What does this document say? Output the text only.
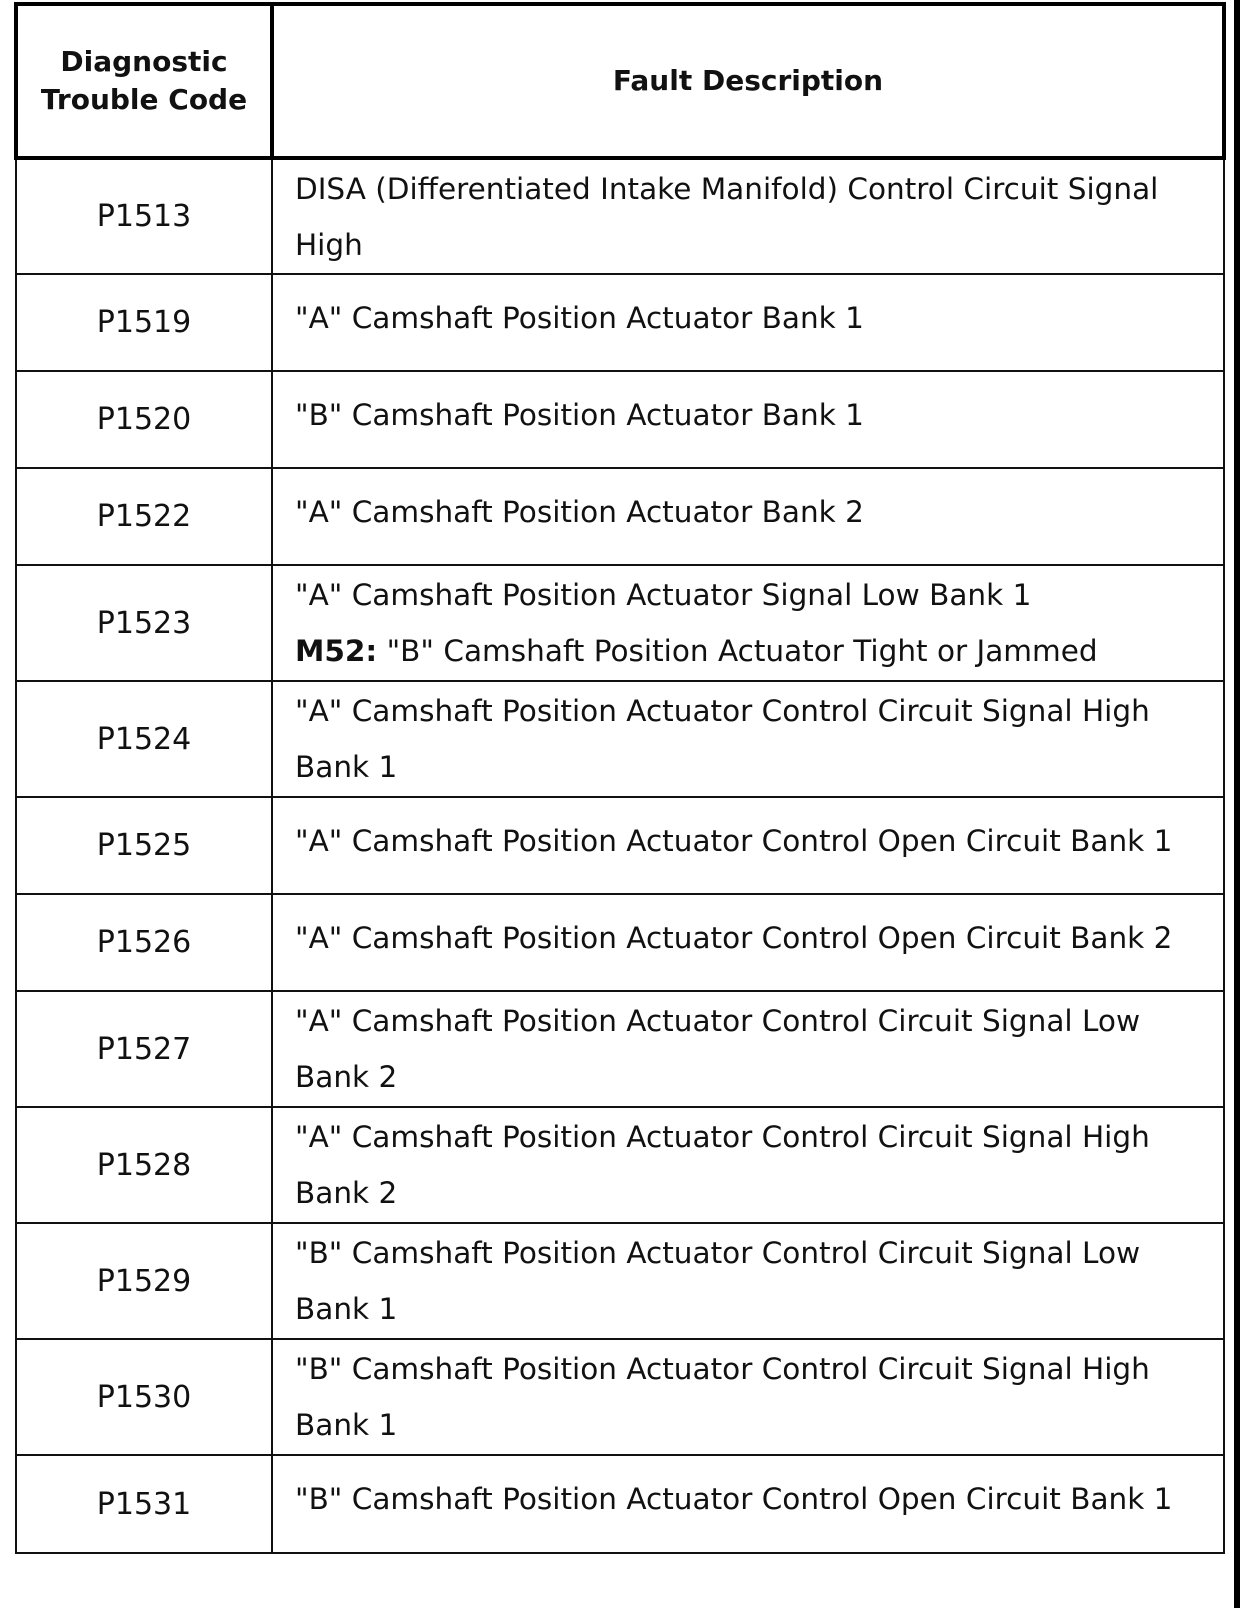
Diagnostic
Trouble Code	Fault Description
P1513	DISA (Differentiated Intake Manifold) Control Circuit Signal
High

P1519	"A" Camshaft Position Actuator Bank 1

P1520	"B" Camshaft Position Actuator Bank 1

P1522	"A" Camshaft Position Actuator Bank 2

P1523	"A" Camshaft Position Actuator Signal Low Bank 1
M52: "B" Camshaft Position Actuator Tight or Jammed

P1524	"A" Camshaft Position Actuator Control Circuit Signal High
Bank 1

P1525	"A" Camshaft Position Actuator Control Open Circuit Bank 1

P1526	"A" Camshaft Position Actuator Control Open Circuit Bank 2

P1527	"A" Camshaft Position Actuator Control Circuit Signal Low
Bank 2

P1528	"A" Camshaft Position Actuator Control Circuit Signal High
Bank 2

P1529	"B" Camshaft Position Actuator Control Circuit Signal Low
Bank 1

P1530	"B" Camshaft Position Actuator Control Circuit Signal High
Bank 1

P1531	"B" Camshaft Position Actuator Control Open Circuit Bank 1
